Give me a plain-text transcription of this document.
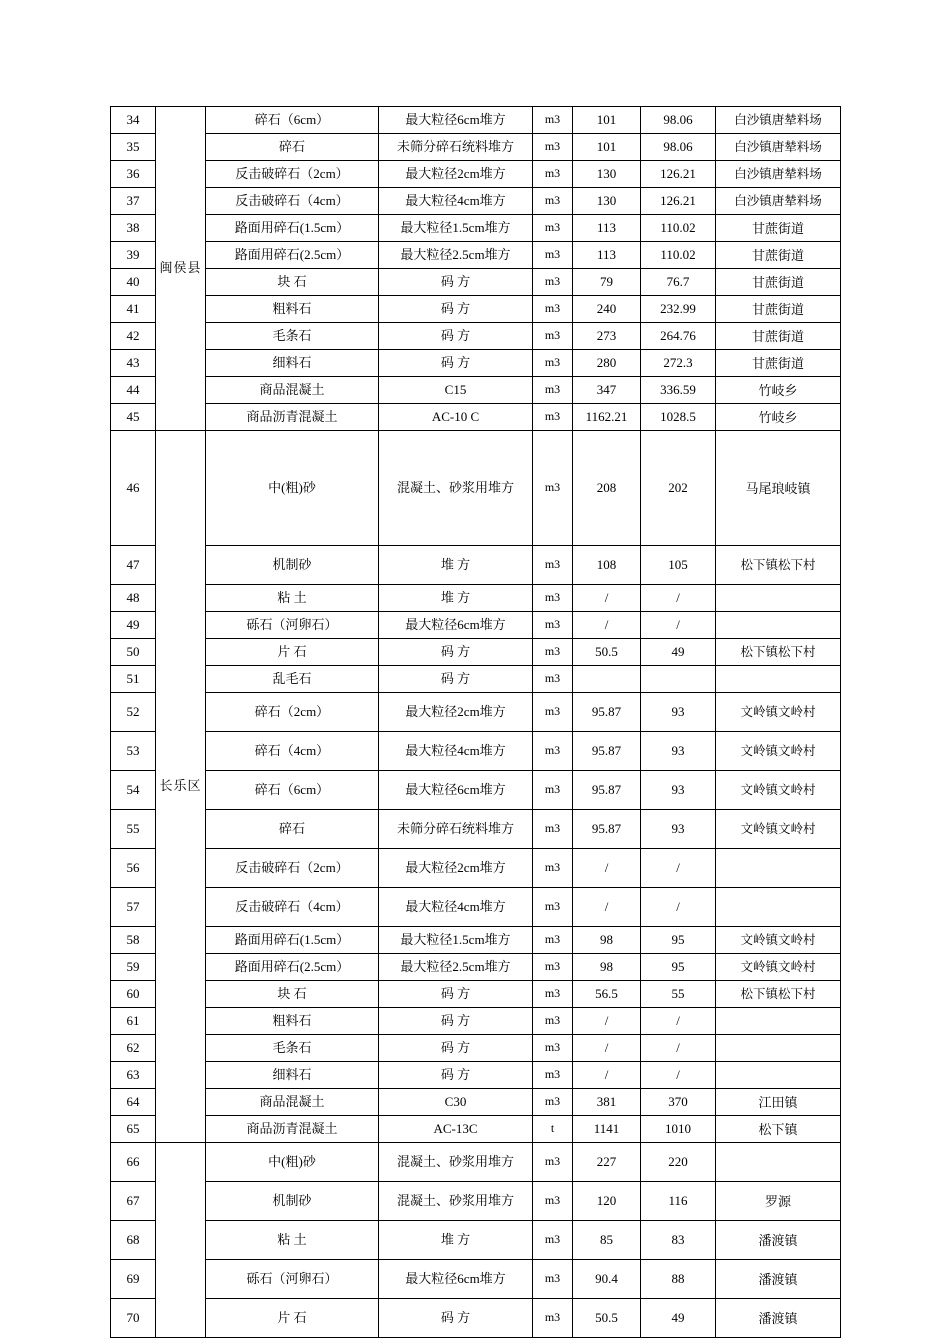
34	闽侯县	碎石（6cm）	最大粒径6cm堆方	m3	101	98.06	白沙镇唐辇料场
35		碎石	未筛分碎石统料堆方	m3	101	98.06	白沙镇唐辇料场
36		反击破碎石（2cm）	最大粒径2cm堆方	m3	130	126.21	白沙镇唐辇料场
37		反击破碎石（4cm）	最大粒径4cm堆方	m3	130	126.21	白沙镇唐辇料场
38		路面用碎石(1.5cm）	最大粒径1.5cm堆方	m3	113	110.02	甘蔗街道
39		路面用碎石(2.5cm）	最大粒径2.5cm堆方	m3	113	110.02	甘蔗街道
40		块 石	码 方	m3	79	76.7	甘蔗街道
41		粗料石	码 方	m3	240	232.99	甘蔗街道
42		毛条石	码 方	m3	273	264.76	甘蔗街道
43		细料石	码 方	m3	280	272.3	甘蔗街道
44		商品混凝土	C15	m3	347	336.59	竹岐乡
45		商品沥青混凝土	AC-10 C	m3	1162.21	1028.5	竹岐乡
46	长乐区	中(粗)砂	混凝土、砂浆用堆方	m3	208	202	马尾琅岐镇
47		机制砂	堆 方	m3	108	105	松下镇松下村
48		粘 土	堆 方	m3	/	/	
49		砾石（河卵石）	最大粒径6cm堆方	m3	/	/	
50		片 石	码 方	m3	50.5	49	松下镇松下村
51		乱毛石	码 方	m3			
52		碎石（2cm）	最大粒径2cm堆方	m3	95.87	93	文岭镇文岭村
53		碎石（4cm）	最大粒径4cm堆方	m3	95.87	93	文岭镇文岭村
54		碎石（6cm）	最大粒径6cm堆方	m3	95.87	93	文岭镇文岭村
55		碎石	未筛分碎石统料堆方	m3	95.87	93	文岭镇文岭村
56		反击破碎石（2cm）	最大粒径2cm堆方	m3	/	/	
57		反击破碎石（4cm）	最大粒径4cm堆方	m3	/	/	
58		路面用碎石(1.5cm）	最大粒径1.5cm堆方	m3	98	95	文岭镇文岭村
59		路面用碎石(2.5cm）	最大粒径2.5cm堆方	m3	98	95	文岭镇文岭村
60		块 石	码 方	m3	56.5	55	松下镇松下村
61		粗料石	码 方	m3	/	/	
62		毛条石	码 方	m3	/	/	
63		细料石	码 方	m3	/	/	
64		商品混凝土	C30	m3	381	370	江田镇
65		商品沥青混凝土	AC-13C	t	1141	1010	松下镇
66		中(粗)砂	混凝土、砂浆用堆方	m3	227	220	
67		机制砂	混凝土、砂浆用堆方	m3	120	116	罗源
68		粘 土	堆 方	m3	85	83	潘渡镇
69		砾石（河卵石）	最大粒径6cm堆方	m3	90.4	88	潘渡镇
70		片 石	码 方	m3	50.5	49	潘渡镇
